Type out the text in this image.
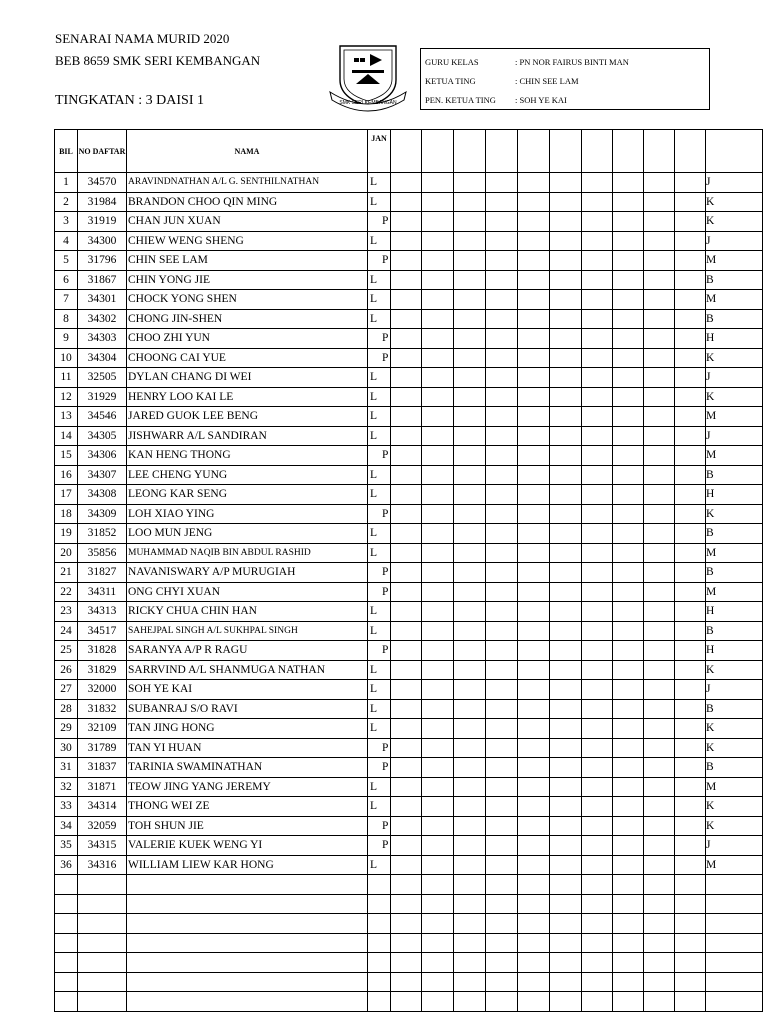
SENARAI NAMA MURID 2020
BEB 8659 SMK SERI KEMBANGAN
TINGKATAN : 3 DAISI 1	SMK SERI KEMBANGAN
GURU KELAS	: PN NOR FAIRUS BINTI MAN
KETUA TING	: CHIN SEE LAM
PEN. KETUA TING : SOH YE KAI
BIL	NO DAFTAR	NAMA	JAN											
1	34570	ARAVINDNATHAN A/L G. SENTHILNATHAN	L											J
2	31984	BRANDON CHOO QIN MING	L											K
3	31919	CHAN JUN XUAN	P											K
4	34300	CHIEW WENG SHENG	L											J
5	31796	CHIN SEE LAM	P											M
6	31867	CHIN YONG JIE	L											B
7	34301	CHOCK YONG SHEN	L											M
8	34302	CHONG JIN-SHEN	L											B
9	34303	CHOO ZHI YUN	P											H
10	34304	CHOONG CAI YUE	P											K
11	32505	DYLAN CHANG DI WEI	L											J
12	31929	HENRY LOO KAI LE	L											K
13	34546	JARED GUOK LEE BENG	L											M
14	34305	JISHWARR A/L SANDIRAN	L											J
15	34306	KAN HENG THONG	P											M
16	34307	LEE CHENG YUNG	L											B
17	34308	LEONG KAR SENG	L											H
18	34309	LOH XIAO YING	P											K
19	31852	LOO MUN JENG	L											B
20	35856	MUHAMMAD NAQIB BIN ABDUL RASHID	L											M
21	31827	NAVANISWARY A/P MURUGIAH	P											B
22	34311	ONG CHYI XUAN	P											M
23	34313	RICKY CHUA CHIN HAN	L											H
24	34517	SAHEJPAL SINGH A/L SUKHPAL SINGH	L											B
25	31828	SARANYA A/P R RAGU	P											H
26	31829	SARRVIND A/L SHANMUGA NATHAN	L											K
27	32000	SOH YE KAI	L											J
28	31832	SUBANRAJ S/O RAVI	L											B
29	32109	TAN JING HONG	L											K
30	31789	TAN YI HUAN	P											K
31	31837	TARINIA SWAMINATHAN	P											B
32	31871	TEOW JING YANG JEREMY	L											M
33	34314	THONG WEI ZE	L											K
34	32059	TOH SHUN JIE	P											K
35	34315	VALERIE KUEK WENG YI	P											J
36	34316	WILLIAM LIEW KAR HONG	L											M
